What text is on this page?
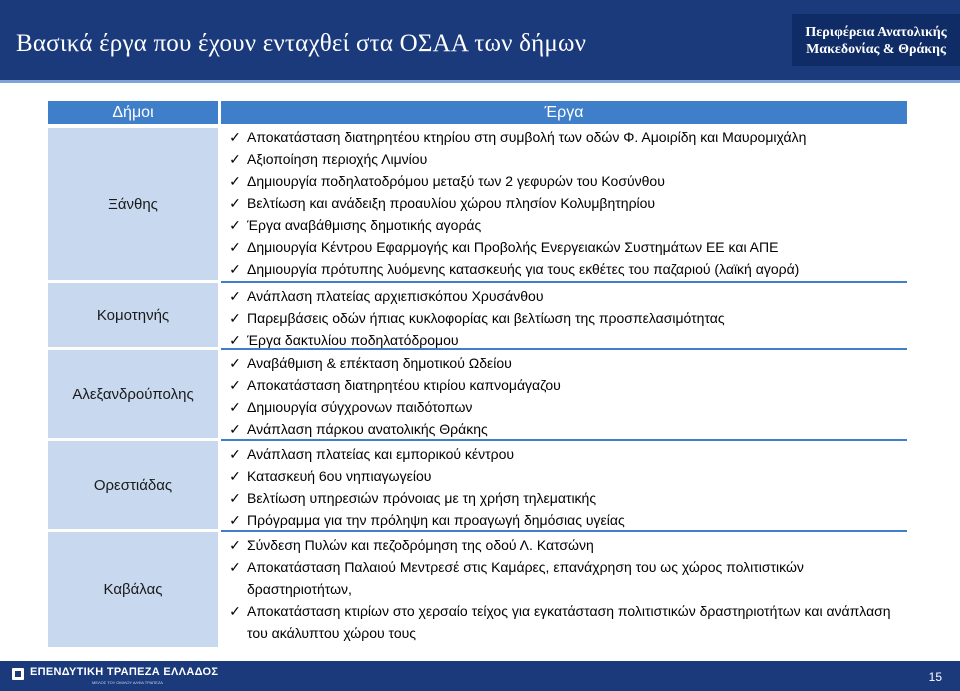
Βασικά έργα που έχουν ενταχθεί στα ΟΣΑΑ των δήμων	Περιφέρεια Ανατολικής
Μακεδονίας & Θράκης
Δήμοι	Έργα
Ξάνθης
✓ Αποκατάσταση διατηρητέου κτηρίου στη συμβολή των οδών Φ. Αμοιρίδη και Μαυρομιχάλη
✓ Αξιοποίηση περιοχής Λιμνίου
✓ Δημιουργία ποδηλατοδρόμου μεταξύ των 2 γεφυρών του Κοσύνθου
✓ Βελτίωση και ανάδειξη προαυλίου χώρου πλησίον Κολυμβητηρίου
✓ Έργα αναβάθμισης δημοτικής αγοράς
✓ Δημιουργία Κέντρου Εφαρμογής και Προβολής Ενεργειακών Συστημάτων ΕΕ και ΑΠΕ
✓ Δημιουργία πρότυπης λυόμενης κατασκευής για τους εκθέτες του παζαριού (λαϊκή αγορά)
Κομοτηνής
✓ Ανάπλαση πλατείας αρχιεπισκόπου Χρυσάνθου
✓ Παρεμβάσεις οδών ήπιας κυκλοφορίας και βελτίωση της προσπελασιμότητας
✓ Έργα δακτυλίου ποδηλατόδρομου
Αλεξανδρούπολης
✓ Αναβάθμιση & επέκταση δημοτικού Ωδείου
✓ Αποκατάσταση διατηρητέου κτιρίου καπνομάγαζου
✓ Δημιουργία σύγχρονων παιδότοπων
✓ Ανάπλαση πάρκου ανατολικής Θράκης
Ορεστιάδας
✓ Ανάπλαση πλατείας και εμπορικού κέντρου
✓ Κατασκευή 6ου νηπιαγωγείου
✓ Βελτίωση υπηρεσιών πρόνοιας με τη χρήση τηλεματικής
✓ Πρόγραμμα για την πρόληψη και προαγωγή δημόσιας υγείας
Καβάλας
✓ Σύνδεση Πυλών και πεζοδρόμηση της οδού Λ. Κατσώνη
✓ Αποκατάσταση Παλαιού Μεντρεσέ στις Καμάρες, επανάχρηση του ως χώρος πολιτιστικών δραστηριοτήτων,
✓ Αποκατάσταση κτιρίων στο χερσαίο τείχος για εγκατάσταση πολιτιστικών δραστηριοτήτων και ανάπλαση του ακάλυπτου χώρου τους
ΕΠΕΝΔΥΤΙΚΗ ΤΡΑΠΕΖΑ ΕΛΛΑΔΟΣ
ΜΕΛΟΣ ΤΟΥ ΟΜΙΛΟΥ ΑΛΦΑ ΤΡΑΠΕΖΑ	15
